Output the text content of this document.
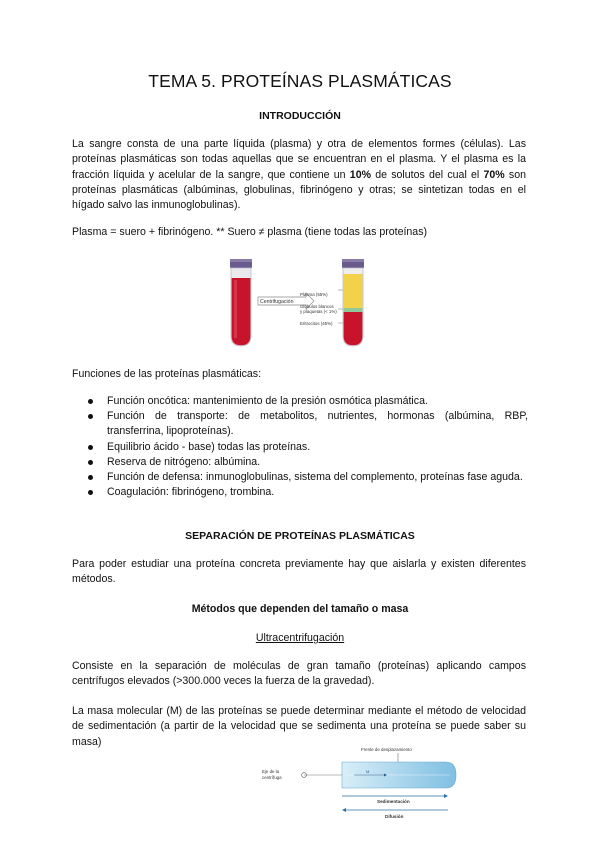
TEMA 5. PROTEÍNAS PLASMÁTICAS
INTRODUCCIÓN

La sangre consta de una parte líquida (plasma) y otra de elementos formes (células). Las proteínas plasmáticas son todas aquellas que se encuentran en el plasma. Y el plasma es la fracción líquida y acelular de la sangre, que contiene un 10% de solutos del cual el 70% son proteínas plasmáticas (albúminas, globulinas, fibrinógeno y otras; se sintetizan todas en el hígado salvo las inmunoglobulinas).

Plasma = suero + fibrinógeno. ** Suero ≠ plasma (tiene todas las proteínas)

Centrifugación
Plasma (55%)
Glóbulos blancos
y plaquetas (< 1%)
Eritrocitos (45%)

Funciones de las proteínas plasmáticas:

Función oncótica: mantenimiento de la presión osmótica plasmática.
Función de transporte: de metabolitos, nutrientes, hormonas (albúmina, RBP, transferrina, lipoproteínas).
Equilibrio ácido - base) todas las proteínas.
Reserva de nitrógeno: albúmina.
Función de defensa: inmunoglobulinas, sistema del complemento, proteínas fase aguda.
Coagulación: fibrinógeno, trombina.
SEPARACIÓN DE PROTEÍNAS PLASMÁTICAS

Para poder estudiar una proteína concreta previamente hay que aislarla y existen diferentes métodos.

Métodos que dependen del tamaño o masa
Ultracentrifugación

Consiste en la separación de moléculas de gran tamaño (proteínas) aplicando campos centrífugos elevados (>300.000 veces la fuerza de la gravedad).

La masa molecular (M) de las proteínas se puede determinar mediante el método de velocidad de sedimentación (a partir de la velocidad que se sedimenta una proteína se puede saber su masa)

Frente de desplazamiento
Eje de la
centrífuga
M
Sedimentación
Difusión
